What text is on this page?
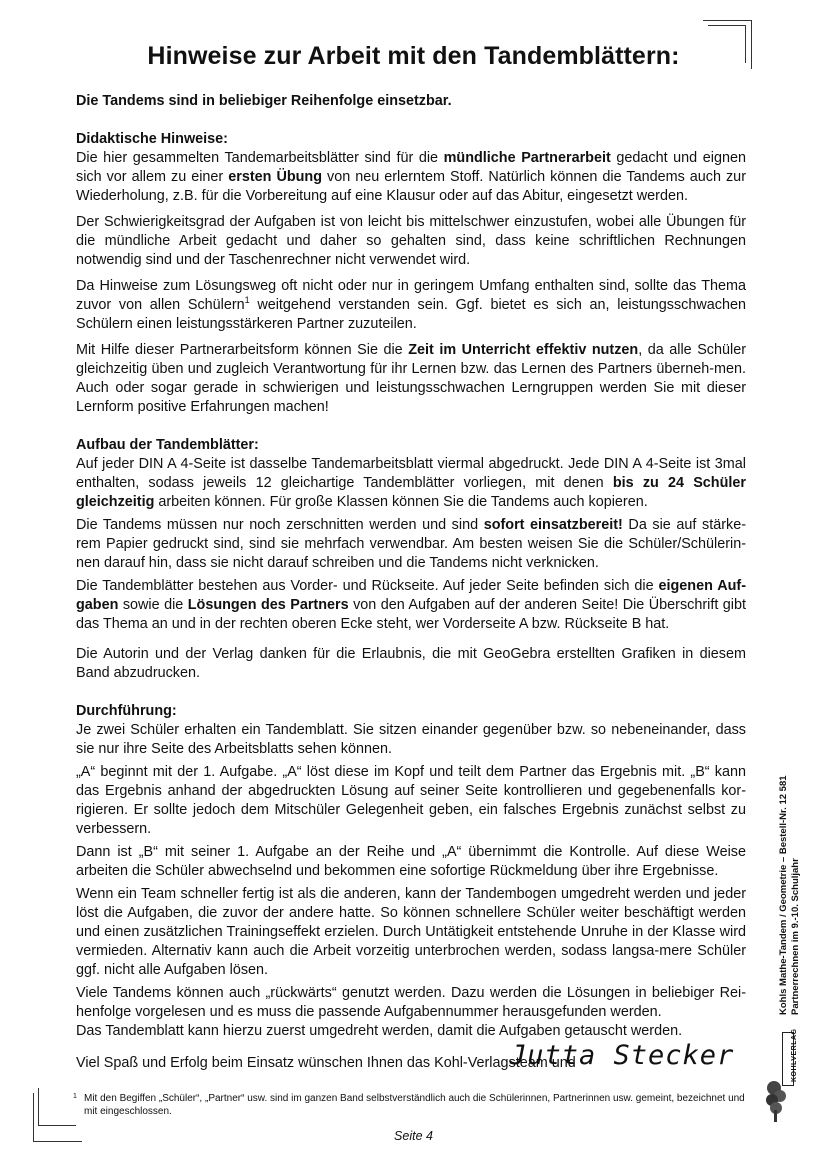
Hinweise zur Arbeit mit den Tandemblättern:

Die Tandems sind in beliebiger Reihenfolge einsetzbar.

Didaktische Hinweise:

Die hier gesammelten Tandemarbeitsblätter sind für die mündliche Partnerarbeit gedacht und eignen sich vor allem zu einer ersten Übung von neu erlerntem Stoff. Natürlich können die Tandems auch zur Wiederholung, z.B. für die Vorbereitung auf eine Klausur oder auf das Abitur, eingesetzt werden.

Der Schwierigkeitsgrad der Aufgaben ist von leicht bis mittelschwer einzustufen, wobei alle Übungen für die mündliche Arbeit gedacht und daher so gehalten sind, dass keine schriftlichen Rechnungen notwendig sind und der Taschenrechner nicht verwendet wird.

Da Hinweise zum Lösungsweg oft nicht oder nur in geringem Umfang enthalten sind, sollte das Thema zuvor von allen Schülern$^1$ weitgehend verstanden sein. Ggf. bietet es sich an, leistungsschwachen Schülern einen leistungsstärkeren Partner zuzuteilen.

Mit Hilfe dieser Partnerarbeitsform können Sie die Zeit im Unterricht effektiv nutzen, da alle Schüler gleichzeitig üben und zugleich Verantwortung für ihr Lernen bzw. das Lernen des Partners überneh-men. Auch oder sogar gerade in schwierigen und leistungsschwachen Lerngruppen werden Sie mit dieser Lernform positive Erfahrungen machen!

Aufbau der Tandemblätter:

Auf jeder DIN A 4-Seite ist dasselbe Tandemarbeitsblatt viermal abgedruckt. Jede DIN A 4-Seite ist 3mal enthalten, sodass jeweils 12 gleichartige Tandemblätter vorliegen, mit denen bis zu 24 Schüler gleichzeitig arbeiten können. Für große Klassen können Sie die Tandems auch kopieren.

Die Tandems müssen nur noch zerschnitten werden und sind sofort einsatzbereit! Da sie auf stärke-rem Papier gedruckt sind, sind sie mehrfach verwendbar. Am besten weisen Sie die Schüler/Schülerin-nen darauf hin, dass sie nicht darauf schreiben und die Tandems nicht verknicken.

Die Tandemblätter bestehen aus Vorder- und Rückseite. Auf jeder Seite befinden sich die eigenen Auf-gaben sowie die Lösungen des Partners von den Aufgaben auf der anderen Seite! Die Überschrift gibt das Thema an und in der rechten oberen Ecke steht, wer Vorderseite A bzw. Rückseite B hat.

Die Autorin und der Verlag danken für die Erlaubnis, die mit GeoGebra erstellten Grafiken in diesem Band abzudrucken.

Durchführung:

Je zwei Schüler erhalten ein Tandemblatt. Sie sitzen einander gegenüber bzw. so nebeneinander, dass sie nur ihre Seite des Arbeitsblatts sehen können.

„A“ beginnt mit der 1. Aufgabe. „A“ löst diese im Kopf und teilt dem Partner das Ergebnis mit. „B“ kann das Ergebnis anhand der abgedruckten Lösung auf seiner Seite kontrollieren und gegebenenfalls kor-rigieren. Er sollte jedoch dem Mitschüler Gelegenheit geben, ein falsches Ergebnis zunächst selbst zu verbessern.

Dann ist „B“ mit seiner 1. Aufgabe an der Reihe und „A“ übernimmt die Kontrolle. Auf diese Weise arbeiten die Schüler abwechselnd und bekommen eine sofortige Rückmeldung über ihre Ergebnisse.

Wenn ein Team schneller fertig ist als die anderen, kann der Tandembogen umgedreht werden und jeder löst die Aufgaben, die zuvor der andere hatte. So können schnellere Schüler weiter beschäftigt werden und einen zusätzlichen Trainingseffekt erzielen. Durch Untätigkeit entstehende Unruhe in der Klasse wird vermieden. Alternativ kann auch die Arbeit vorzeitig unterbrochen werden, sodass langsa-mere Schüler ggf. nicht alle Aufgaben lösen.

Viele Tandems können auch „rückwärts“ genutzt werden. Dazu werden die Lösungen in beliebiger Rei-henfolge vorgelesen und es muss die passende Aufgabennummer herausgefunden werden.

Das Tandemblatt kann hierzu zuerst umgedreht werden, damit die Aufgaben getauscht werden.

Viel Spaß und Erfolg beim Einsatz wünschen Ihnen das Kohl-Verlagsteam und

Jutta Stecker
1 Mit den Begiffen „Schüler“, „Partner“ usw. sind im ganzen Band selbstverständlich auch die Schülerinnen, Partnerinnen usw. gemeint, bezeichnet und mit eingeschlossen.
Seite 4
Kohls Mathe-Tandem / Geometrie – Bestell-Nr. 12 581 Partnerrechnen im 9.-10. Schuljahr
KOHLVERLAG
